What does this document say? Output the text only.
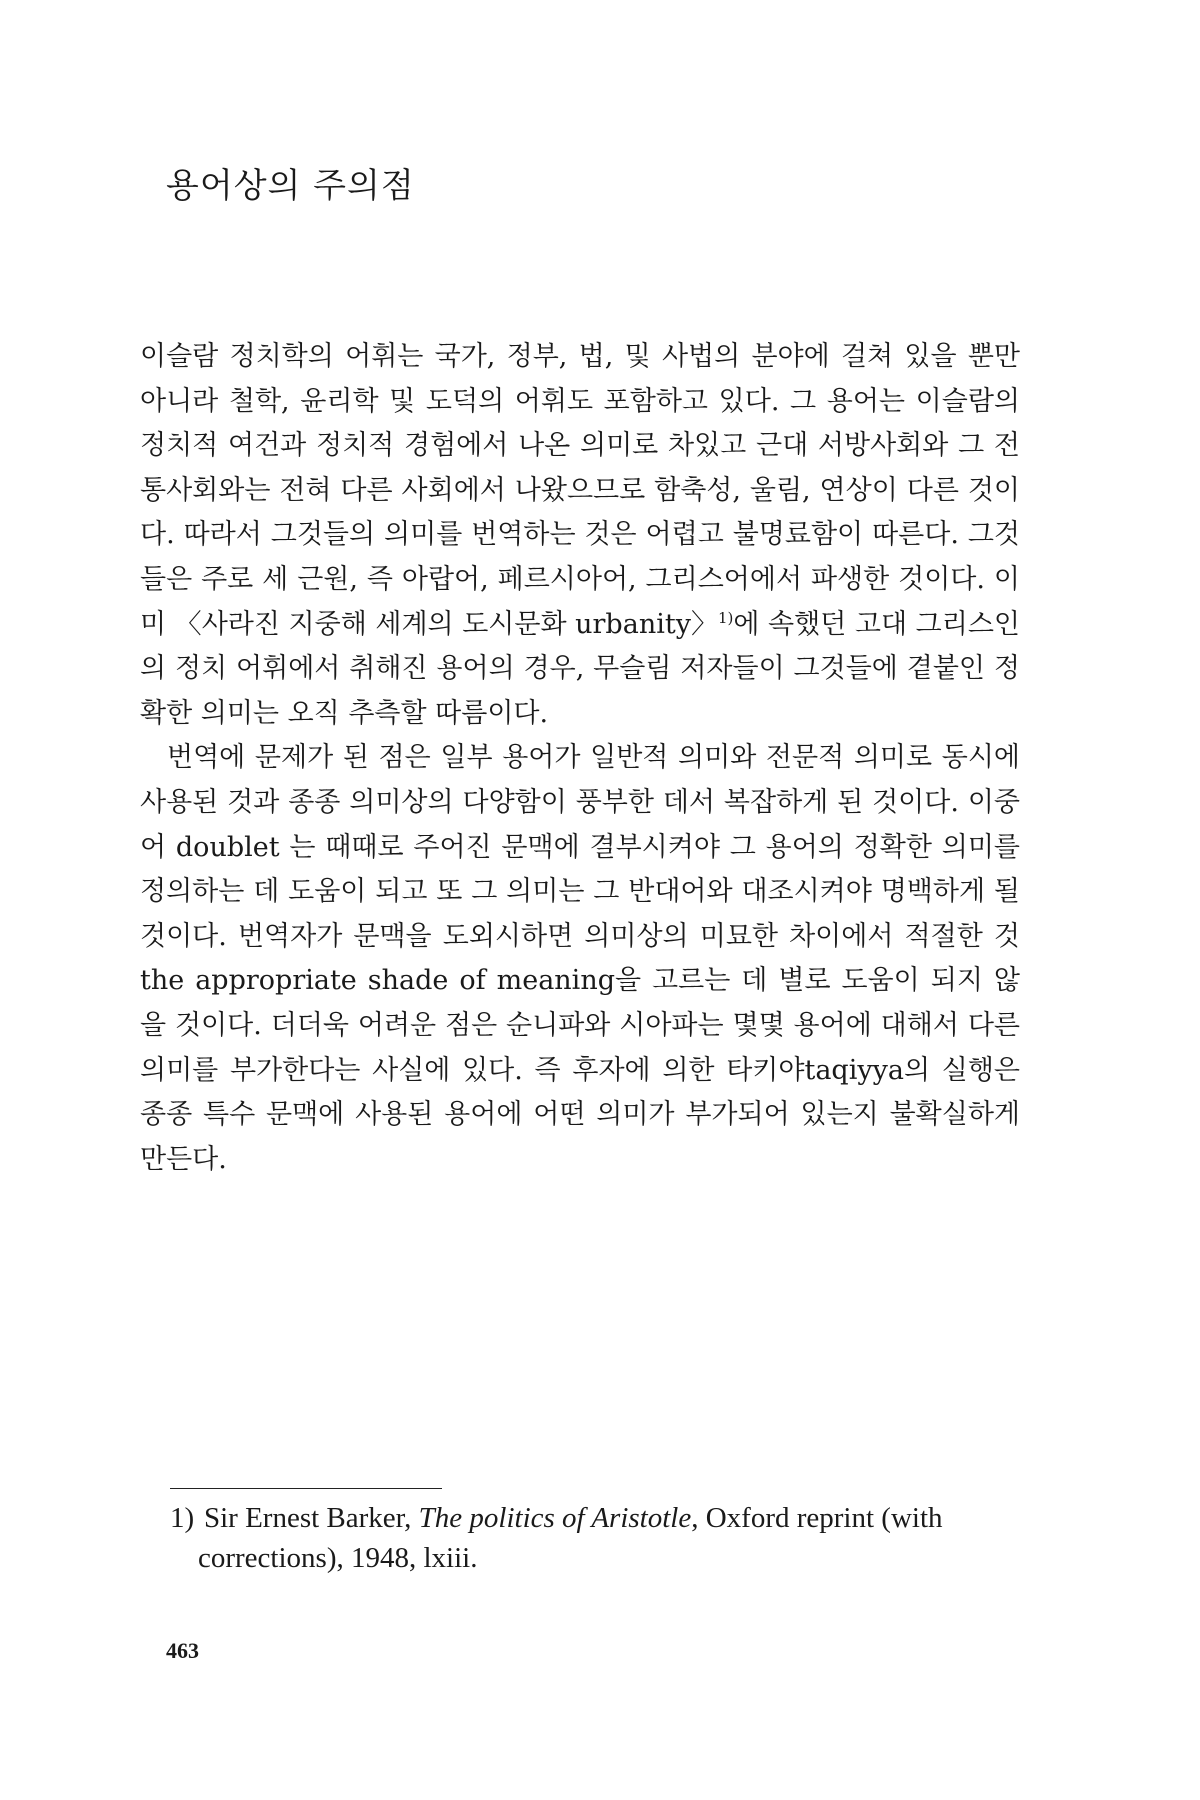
용어상의 주의점

이슬람 정치학의 어휘는 국가, 정부, 법, 및 사법의 분야에 걸쳐 있을 뿐만 아니라 철학, 윤리학 및 도덕의 어휘도 포함하고 있다. 그 용어는 이슬람의 정치적 여건과 정치적 경험에서 나온 의미로 차있고 근대 서방사회와 그 전통사회와는 전혀 다른 사회에서 나왔으므로 함축성, 울림, 연상이 다른 것이다. 따라서 그것들의 의미를 번역하는 것은 어렵고 불명료함이 따른다. 그것들은 주로 세 근원, 즉 아랍어, 페르시아어, 그리스어에서 파생한 것이다. 이미 〈사라진 지중해 세계의 도시문화 urbanity〉$^{1)}$에 속했던 고대 그리스인의 정치 어휘에서 취해진 용어의 경우, 무슬림 저자들이 그것들에 곁붙인 정확한 의미는 오직 추측할 따름이다.

번역에 문제가 된 점은 일부 용어가 일반적 의미와 전문적 의미로 동시에 사용된 것과 종종 의미상의 다양함이 풍부한 데서 복잡하게 된 것이다. 이중어 doublet 는 때때로 주어진 문맥에 결부시켜야 그 용어의 정확한 의미를 정의하는 데 도움이 되고 또 그 의미는 그 반대어와 대조시켜야 명백하게 될 것이다. 번역자가 문맥을 도외시하면 의미상의 미묘한 차이에서 적절한 것the appropriate shade of meaning을 고르는 데 별로 도움이 되지 않을 것이다. 더더욱 어려운 점은 순니파와 시아파는 몇몇 용어에 대해서 다른 의미를 부가한다는 사실에 있다. 즉 후자에 의한 타키야taqiyya의 실행은 종종 특수 문맥에 사용된 용어에 어떤 의미가 부가되어 있는지 불확실하게 만든다.

1) Sir Ernest Barker, The politics of Aristotle, Oxford reprint (with
corrections), 1948, lxiii.
463
